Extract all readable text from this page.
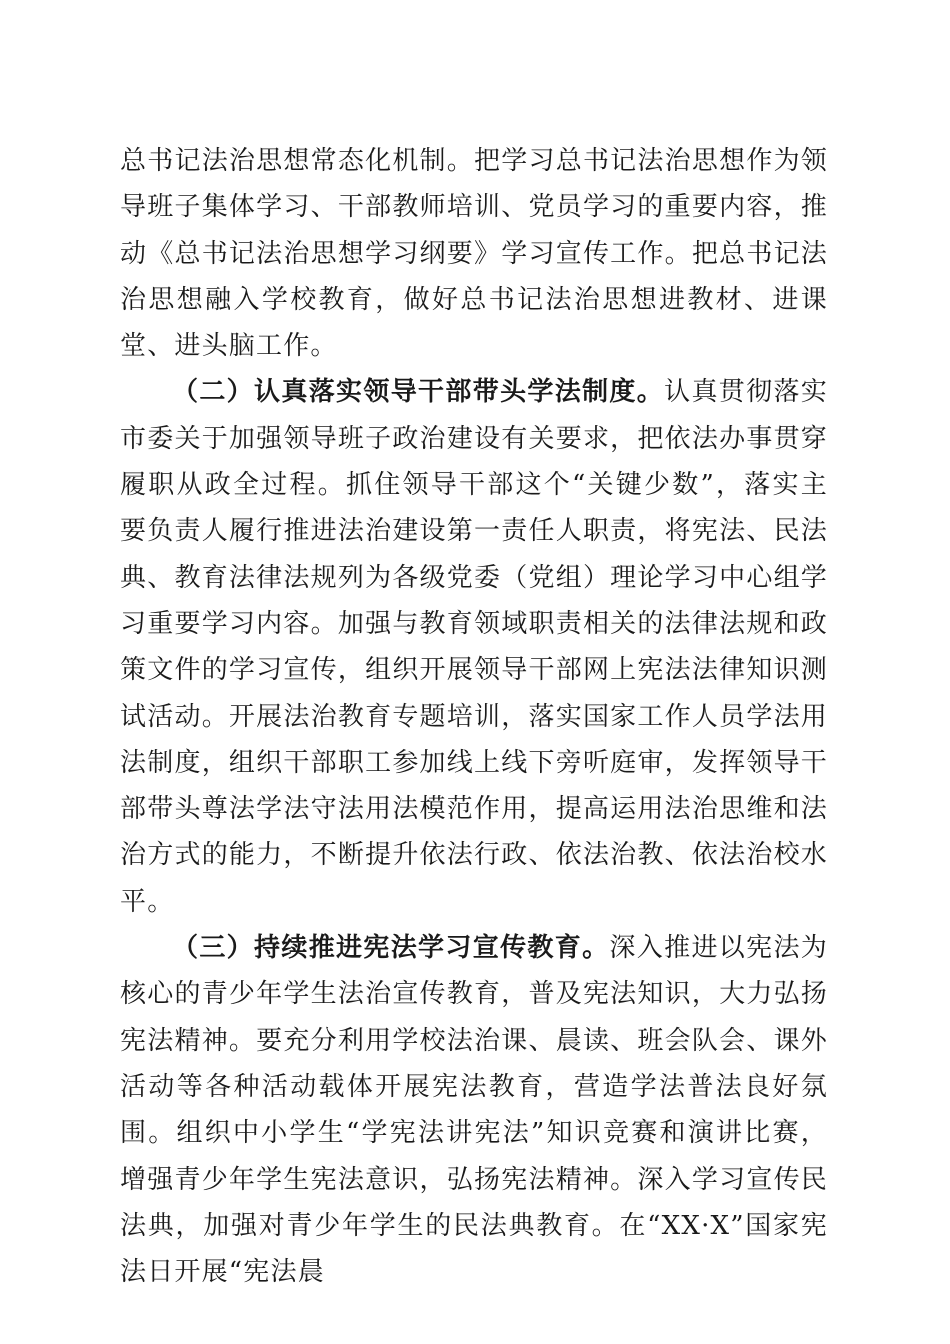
总书记法治思想常态化机制。把学习总书记法治思想作为领导班子集体学习、干部教师培训、党员学习的重要内容，推动《总书记法治思想学习纲要》学习宣传工作。把总书记法治思想融入学校教育，做好总书记法治思想进教材、进课堂、进头脑工作。

（二）认真落实领导干部带头学法制度。认真贯彻落实市委关于加强领导班子政治建设有关要求，把依法办事贯穿履职从政全过程。抓住领导干部这个“关键少数”，落实主要负责人履行推进法治建设第一责任人职责，将宪法、民法典、教育法律法规列为各级党委（党组）理论学习中心组学习重要学习内容。加强与教育领域职责相关的法律法规和政策文件的学习宣传，组织开展领导干部网上宪法法律知识测试活动。开展法治教育专题培训，落实国家工作人员学法用法制度，组织干部职工参加线上线下旁听庭审，发挥领导干部带头尊法学法守法用法模范作用，提高运用法治思维和法治方式的能力，不断提升依法行政、依法治教、依法治校水平。

（三）持续推进宪法学习宣传教育。深入推进以宪法为核心的青少年学生法治宣传教育，普及宪法知识，大力弘扬宪法精神。要充分利用学校法治课、晨读、班会队会、课外活动等各种活动载体开展宪法教育，营造学法普法良好氛围。组织中小学生“学宪法讲宪法”知识竞赛和演讲比赛，增强青少年学生宪法意识，弘扬宪法精神。深入学习宣传民法典，加强对青少年学生的民法典教育。在“XX·X”国家宪法日开展“宪法晨
